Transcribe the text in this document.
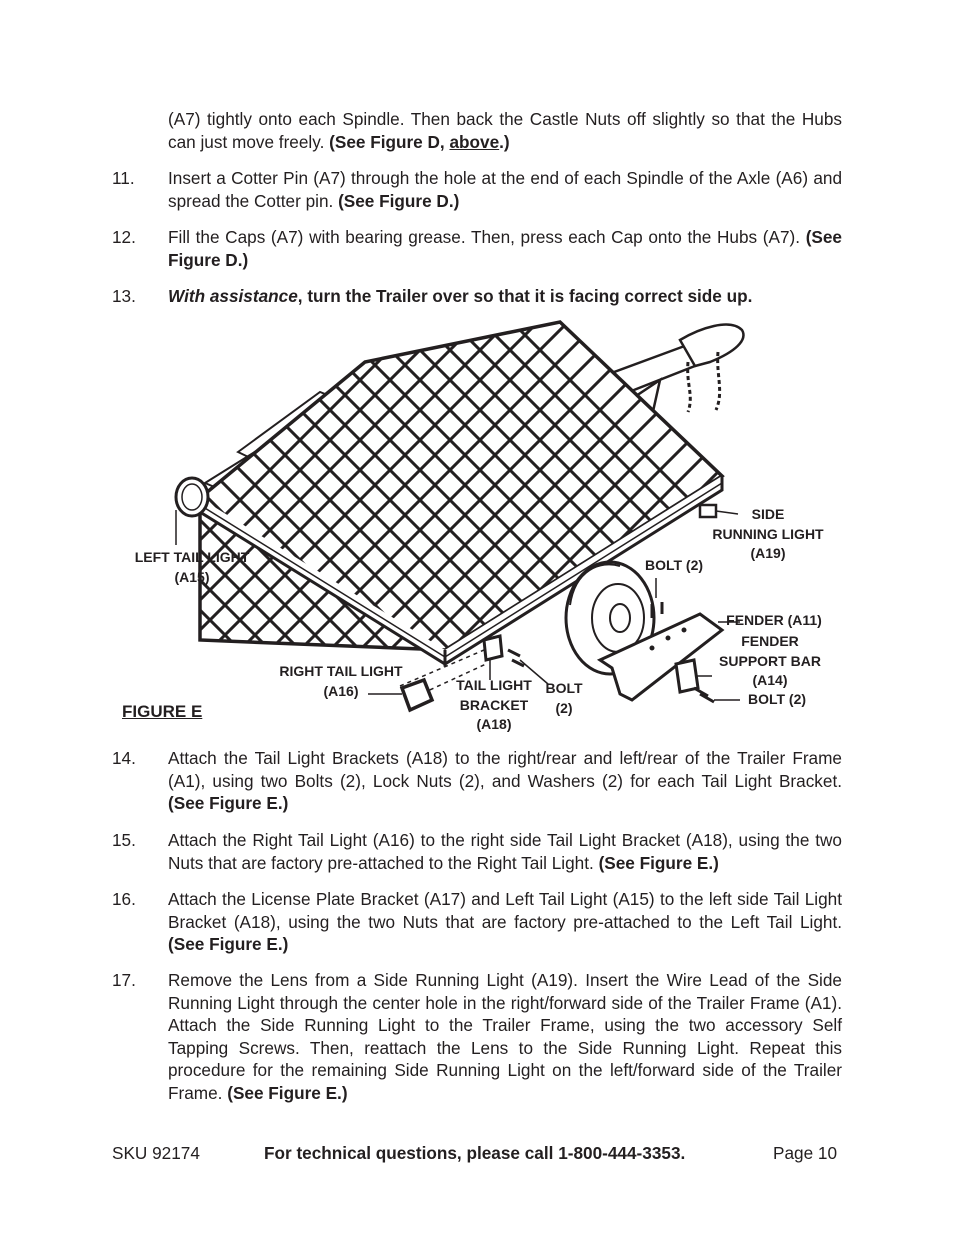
(A7) tightly onto each Spindle. Then back the Castle Nuts off slightly so that the Hubs can just move freely. (See Figure D, above.)
11. Insert a Cotter Pin (A7) through the hole at the end of each Spindle of the Axle (A6) and spread the Cotter pin. (See Figure D.)
12. Fill the Caps (A7) with bearing grease. Then, press each Cap onto the Hubs (A7). (See Figure D.)
13. With assistance, turn the Trailer over so that it is facing correct side up.
SIDE
RUNNING LIGHT
(A19)
LEFT TAIL LIGHT
(A15)
BOLT (2)
FENDER (A11)
FENDER
SUPPORT BAR
(A14)
RIGHT TAIL LIGHT
(A16)	TAIL LIGHT
BRACKET
(A18)
BOLT
(2)
BOLT (2)
FIGURE E
14. Attach the Tail Light Brackets (A18) to the right/rear and left/rear of the Trailer Frame (A1), using two Bolts (2), Lock Nuts (2), and Washers (2) for each Tail Light Bracket. (See Figure E.)
15. Attach the Right Tail Light (A16) to the right side Tail Light Bracket (A18), using the two Nuts that are factory pre-attached to the Right Tail Light. (See Figure E.)
16. Attach the License Plate Bracket (A17) and Left Tail Light (A15) to the left side Tail Light Bracket (A18), using the two Nuts that are factory pre-attached to the Left Tail Light. (See Figure E.)
17. Remove the Lens from a Side Running Light (A19). Insert the Wire Lead of the Side Running Light through the center hole in the right/forward side of the Trailer Frame (A1). Attach the Side Running Light to the Trailer Frame, using the two accessory Self Tapping Screws. Then, reattach the Lens to the Side Running Light. Repeat this procedure for the remaining Side Running Light on the left/forward side of the Trailer Frame. (See Figure E.)
SKU 92174	For technical questions, please call 1-800-444-3353.	Page 10
